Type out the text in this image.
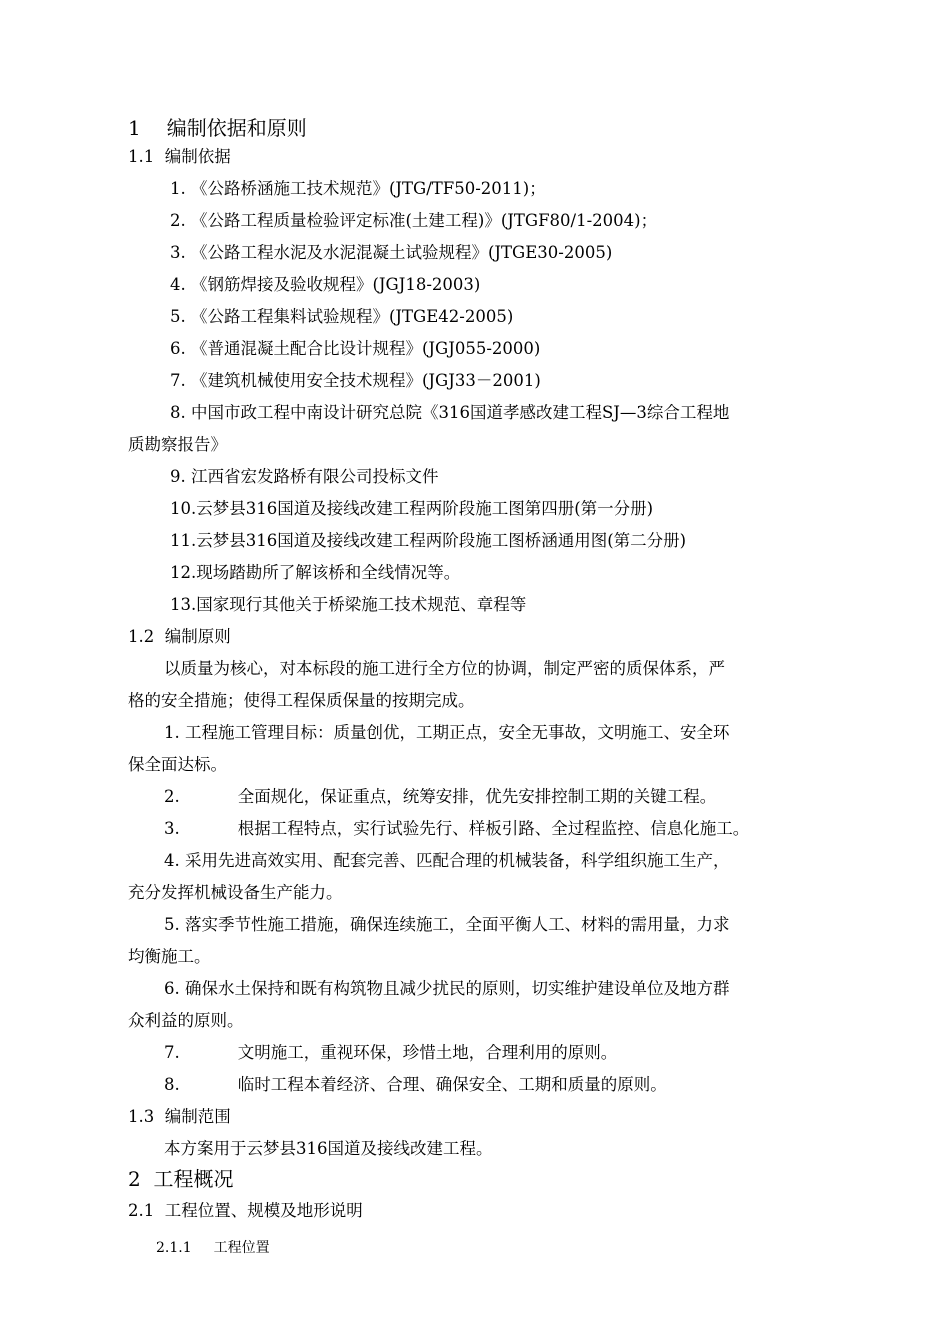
1 编制依据和原则
1.1 编制依据
1. 《公路桥涵施工技术规范》(JTG/TF50-2011)；
2. 《公路工程质量检验评定标准(土建工程)》(JTGF80/1-2004)；
3. 《公路工程水泥及水泥混凝土试验规程》(JTGE30-2005)
4. 《钢筋焊接及验收规程》(JGJ18-2003)
5. 《公路工程集料试验规程》(JTGE42-2005)
6. 《普通混凝土配合比设计规程》(JGJ055-2000)
7. 《建筑机械使用安全技术规程》(JGJ33－2001)
8. 中国市政工程中南设计研究总院《316国道孝感改建工程SJ—3综合工程地
质勘察报告》
9. 江西省宏发路桥有限公司投标文件
10.云梦县316国道及接线改建工程两阶段施工图第四册(第一分册)
11.云梦县316国道及接线改建工程两阶段施工图桥涵通用图(第二分册)
12.现场踏勘所了解该桥和全线情况等。
13.国家现行其他关于桥梁施工技术规范、章程等
1.2 编制原则
以质量为核心，对本标段的施工进行全方位的协调，制定严密的质保体系，严
格的安全措施；使得工程保质保量的按期完成。
1. 工程施工管理目标：质量创优，工期正点，安全无事故，文明施工、安全环
保全面达标。
2.	全面规化，保证重点，统筹安排，优先安排控制工期的关键工程。
3.	根据工程特点，实行试验先行、样板引路、全过程监控、信息化施工。
4. 采用先进高效实用、配套完善、匹配合理的机械装备，科学组织施工生产，
充分发挥机械设备生产能力。
5. 落实季节性施工措施，确保连续施工，全面平衡人工、材料的需用量，力求
均衡施工。
6. 确保水土保持和既有构筑物且减少扰民的原则，切实维护建设单位及地方群
众利益的原则。
7.	文明施工，重视环保，珍惜土地，合理利用的原则。
8.	临时工程本着经济、合理、确保安全、工期和质量的原则。
1.3 编制范围
本方案用于云梦县316国道及接线改建工程。
2 工程概况
2.1 工程位置、规模及地形说明
2.1.1 工程位置
